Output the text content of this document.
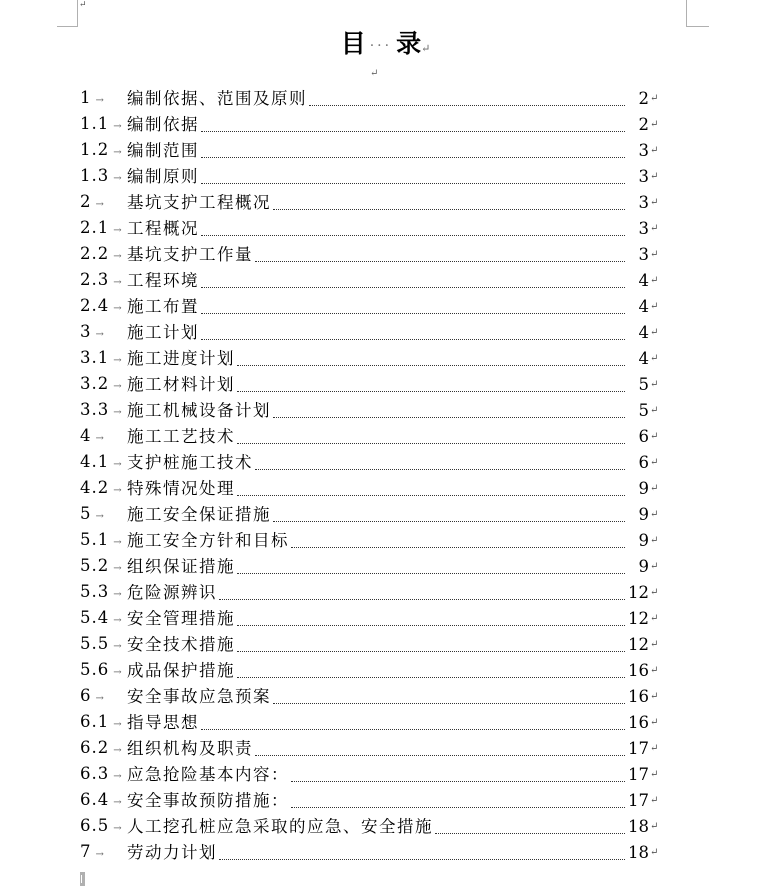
↵
目 ··· 录↵
↵
1 →	编制依据、范围及原则	2 ↵
1.1 → 编制依据	2 ↵
1.2 → 编制范围	3 ↵
1.3 → 编制原则	3 ↵
2 →	基坑支护工程概况	3 ↵
2.1 → 工程概况	3 ↵
2.2 → 基坑支护工作量	3 ↵
2.3 → 工程环境	4 ↵
2.4 → 施工布置	4 ↵
3 →	施工计划	4 ↵
3.1 → 施工进度计划	4 ↵
3.2 → 施工材料计划	5 ↵
3.3 → 施工机械设备计划	5 ↵
4 →	施工工艺技术	6 ↵
4.1 → 支护桩施工技术	6 ↵
4.2 → 特殊情况处理	9 ↵
5 →	施工安全保证措施	9 ↵
5.1 → 施工安全方针和目标	9 ↵
5.2 → 组织保证措施	9 ↵
5.3 → 危险源辨识	12 ↵
5.4 → 安全管理措施	12 ↵
5.5 → 安全技术措施	12 ↵
5.6 → 成品保护措施	16 ↵
6 →	安全事故应急预案	16 ↵
6.1 → 指导思想	16 ↵
6.2 → 组织机构及职责	17 ↵
6.3 → 应急抢险基本内容：	17 ↵
6.4 → 安全事故预防措施：	17 ↵
6.5 → 人工挖孔桩应急采取的应急、安全措施	18 ↵
7 →	劳动力计划	18 ↵
